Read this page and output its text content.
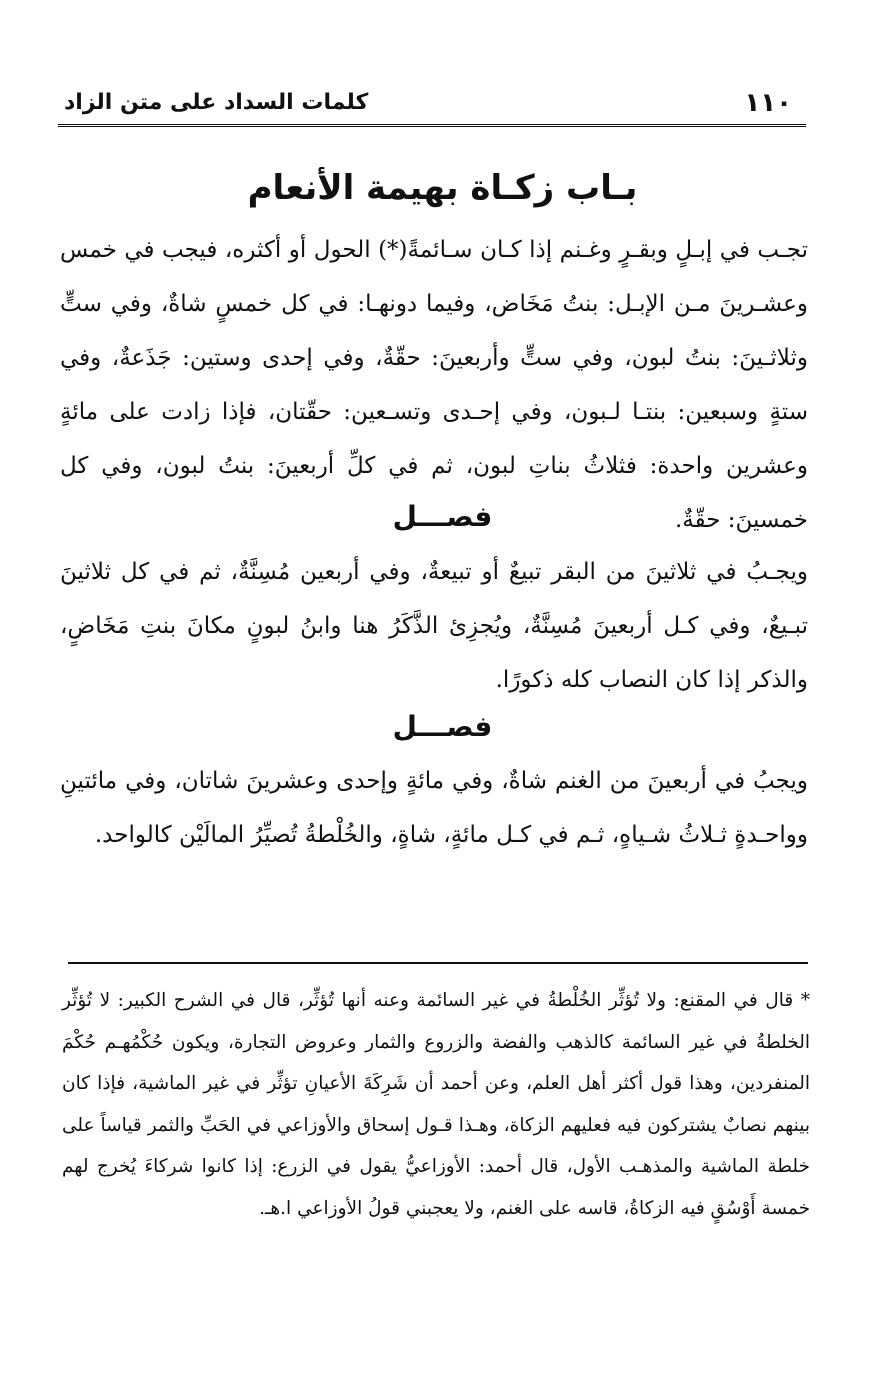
١١٠
كلمات السداد على متن الزاد
بـاب زكـاة بهيمة الأنعام

تجـب في إبـلٍ وبقـرٍ وغـنم إذا كـان سـائمةً(*) الحول أو أكثره، فيجب في خمس وعشـرينَ مـن الإبـل: بنتُ مَخَاض، وفيما دونهـا: في كل خمسٍ شاةٌ، وفي ستٍّ وثلاثـينَ: بنتُ لبون، وفي ستٍّ وأربعينَ: حقّةٌ، وفي إحدى وستين: جَذَعةٌ، وفي ستةٍ وسبعين: بنتـا لـبون، وفي إحـدى وتسـعين: حقّتان، فإذا زادت على مائةٍ وعشرين واحدة: فثلاثُ بناتِ لبون، ثم في كلِّ أربعينَ: بنتُ لبون، وفي كل خمسينَ: حقّةٌ.

فصـــل

ويجـبُ في ثلاثينَ من البقر تبيعٌ أو تبيعةٌ، وفي أربعين مُسِنَّةٌ، ثم في كل ثلاثينَ تبـيعٌ، وفي كـل أربعينَ مُسِنَّةٌ، ويُجزِئ الذَّكَرُ هنا وابنُ لبونٍ مكانَ بنتِ مَخَاضٍ، والذكر إذا كان النصاب كله ذكورًا.

فصـــل

ويجبُ في أربعينَ من الغنم شاةٌ، وفي مائةٍ وإحدى وعشرينَ شاتان، وفي مائتينِ وواحـدةٍ ثـلاثُ شـياهٍ، ثـم في كـل مائةٍ، شاةٍ، والخُلْطةُ تُصيِّرُ المالَيْن كالواحد.

* قال في المقنع: ولا تُؤثِّر الخُلْطةُ في غير السائمة وعنه أنها تُؤثِّر، قال في الشرح الكبير: لا تُؤثِّر الخلطةُ في غير السائمة كالذهب والفضة والزروع والثمار وعروض التجارة، ويكون حُكْمُهـم حُكْمَ المنفردين، وهذا قول أكثر أهل العلم، وعن أحمد أن شَرِكَةَ الأعيانِ تؤثِّر في غير الماشية، فإذا كان بينهم نصابٌ يشتركون فيه فعليهم الزكاة، وهـذا قـول إسحاق والأوزاعي في الحَبِّ والثمر قياساً على خلطة الماشية والمذهـب الأول، قال أحمد: الأوزاعيُّ يقول في الزرع: إذا كانوا شركاءَ يُخرج لهم خمسة أَوْسُقٍ فيه الزكاةُ، قاسه على الغنم، ولا يعجبني قولُ الأوزاعي ا.هـ.
